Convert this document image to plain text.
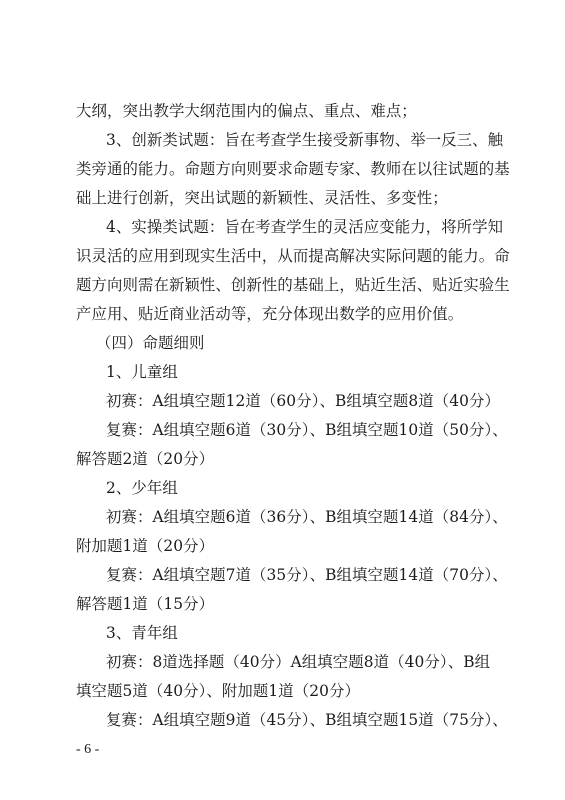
大纲，突出教学大纲范围内的偏点、重点、难点；
3、创新类试题：旨在考查学生接受新事物、举一反三、触
类旁通的能力。命题方向则要求命题专家、教师在以往试题的基
础上进行创新，突出试题的新颖性、灵活性、多变性；
4、实操类试题：旨在考查学生的灵活应变能力，将所学知
识灵活的应用到现实生活中，从而提高解决实际问题的能力。命
题方向则需在新颖性、创新性的基础上，贴近生活、贴近实验生
产应用、贴近商业活动等，充分体现出数学的应用价值。
（四）命题细则
1、儿童组
初赛：A组填空题12道（60分）、B组填空题8道（40分）
复赛：A组填空题6道（30分）、B组填空题10道（50分）、
解答题2道（20分）
2、少年组
初赛：A组填空题6道（36分）、B组填空题14道（84分）、
附加题1道（20分）
复赛：A组填空题7道（35分）、B组填空题14道（70分）、
解答题1道（15分）
3、青年组
初赛：8道选择题（40分）A组填空题8道（40分）、B组
填空题5道（40分）、附加题1道（20分）
复赛：A组填空题9道（45分）、B组填空题15道（75分）、
- 6 -
